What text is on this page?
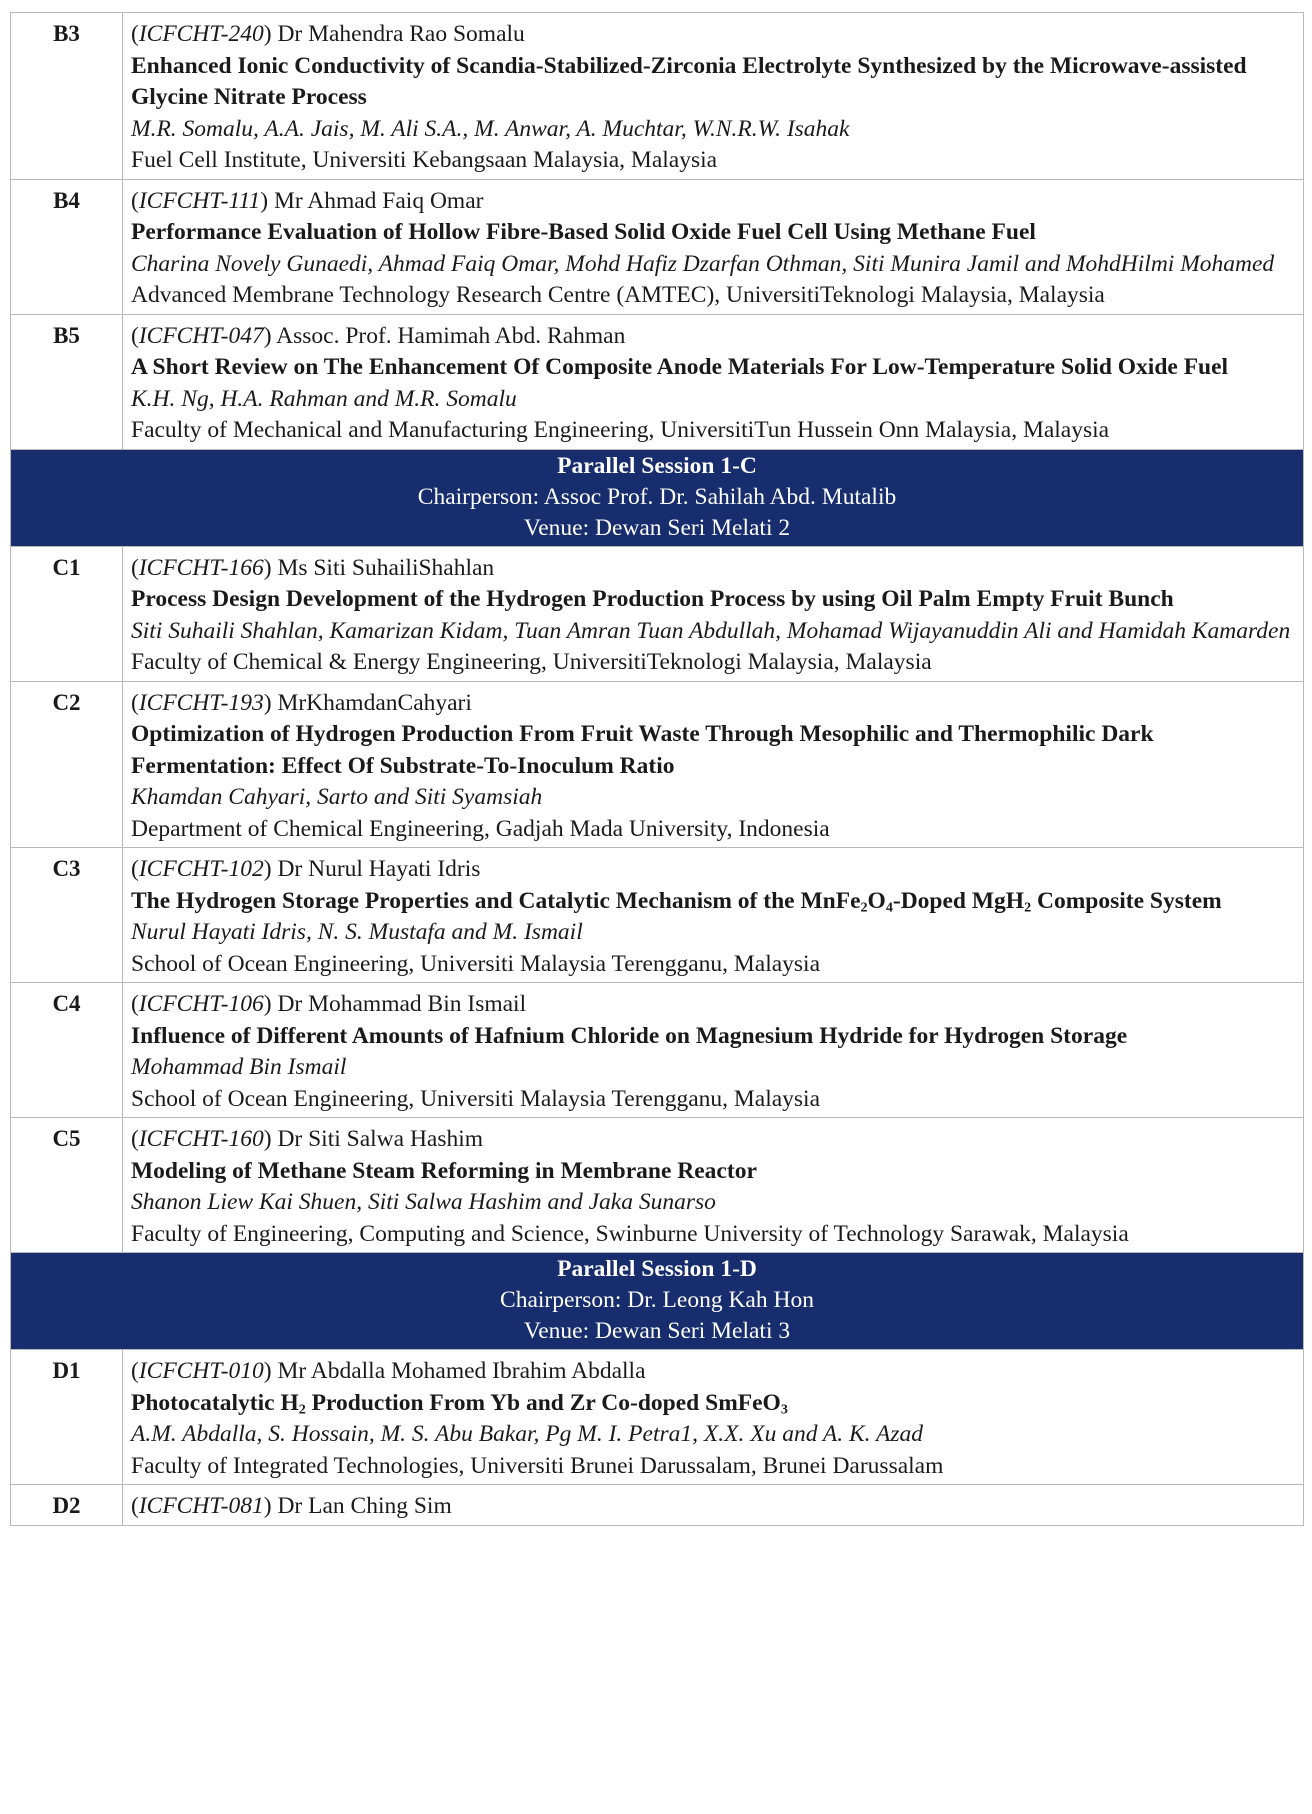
B3	(ICFCHT-240) Dr Mahendra Rao Somalu
Enhanced Ionic Conductivity of Scandia-Stabilized-Zirconia Electrolyte Synthesized by the Microwave-assisted Glycine Nitrate Process
M.R. Somalu, A.A. Jais, M. Ali S.A., M. Anwar, A. Muchtar, W.N.R.W. Isahak
Fuel Cell Institute, Universiti Kebangsaan Malaysia, Malaysia

B4	(ICFCHT-111) Mr Ahmad Faiq Omar
Performance Evaluation of Hollow Fibre-Based Solid Oxide Fuel Cell Using Methane Fuel
Charina Novely Gunaedi, Ahmad Faiq Omar, Mohd Hafiz Dzarfan Othman, Siti Munira Jamil and MohdHilmi Mohamed
Advanced Membrane Technology Research Centre (AMTEC), UniversitiTeknologi Malaysia, Malaysia

B5	(ICFCHT-047) Assoc. Prof. Hamimah Abd. Rahman
A Short Review on The Enhancement Of Composite Anode Materials For Low-Temperature Solid Oxide Fuel
K.H. Ng, H.A. Rahman and M.R. Somalu
Faculty of Mechanical and Manufacturing Engineering, UniversitiTun Hussein Onn Malaysia, Malaysia

Parallel Session 1-C
Chairperson: Assoc Prof. Dr. Sahilah Abd. Mutalib
Venue: Dewan Seri Melati 2	

C1	(ICFCHT-166) Ms Siti SuhailiShahlan
Process Design Development of the Hydrogen Production Process by using Oil Palm Empty Fruit Bunch
Siti Suhaili Shahlan, Kamarizan Kidam, Tuan Amran Tuan Abdullah, Mohamad Wijayanuddin Ali and Hamidah Kamarden
Faculty of Chemical & Energy Engineering, UniversitiTeknologi Malaysia, Malaysia

C2	(ICFCHT-193) MrKhamdanCahyari
Optimization of Hydrogen Production From Fruit Waste Through Mesophilic and Thermophilic Dark Fermentation: Effect Of Substrate-To-Inoculum Ratio
Khamdan Cahyari, Sarto and Siti Syamsiah
Department of Chemical Engineering, Gadjah Mada University, Indonesia

C3	(ICFCHT-102) Dr Nurul Hayati Idris
The Hydrogen Storage Properties and Catalytic Mechanism of the $MnFe_2O_4$-Doped MgH$_2$ Composite System
Nurul Hayati Idris, N. S. Mustafa and M. Ismail
School of Ocean Engineering, Universiti Malaysia Terengganu, Malaysia

C4	(ICFCHT-106) Dr Mohammad Bin Ismail
Influence of Different Amounts of Hafnium Chloride on Magnesium Hydride for Hydrogen Storage
Mohammad Bin Ismail
School of Ocean Engineering, Universiti Malaysia Terengganu, Malaysia

C5	(ICFCHT-160) Dr Siti Salwa Hashim
Modeling of Methane Steam Reforming in Membrane Reactor
Shanon Liew Kai Shuen, Siti Salwa Hashim and Jaka Sunarso
Faculty of Engineering, Computing and Science, Swinburne University of Technology Sarawak, Malaysia

Parallel Session 1-D
Chairperson: Dr. Leong Kah Hon
Venue: Dewan Seri Melati 3	

D1	(ICFCHT-010) Mr Abdalla Mohamed Ibrahim Abdalla
Photocatalytic $H_2$ Production From Yb and Zr Co-doped SmFeO$_3$
A.M. Abdalla, S. Hossain, M. S. Abu Bakar, Pg M. I. Petra1, X.X. Xu and A. K. Azad
Faculty of Integrated Technologies, Universiti Brunei Darussalam, Brunei Darussalam

D2	(ICFCHT-081) Dr Lan Ching Sim
